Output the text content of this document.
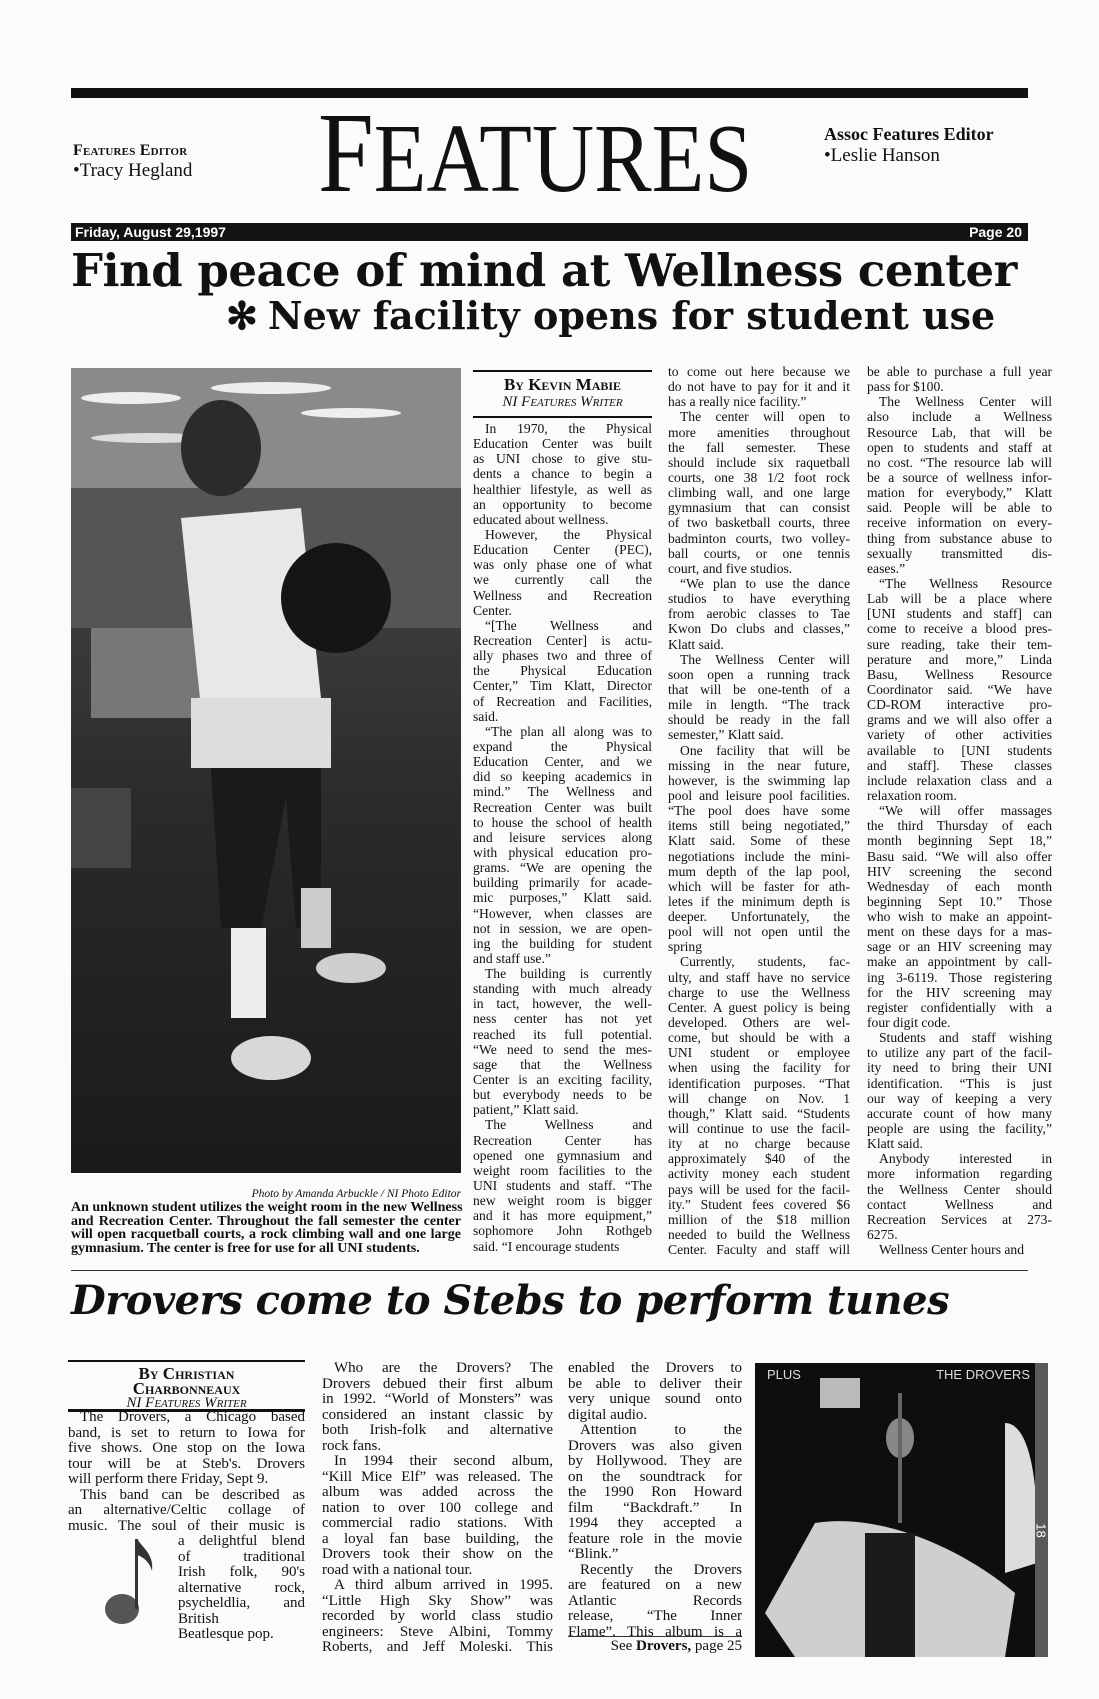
Features Editor
•Tracy Hegland FEATURES	Assoc Features Editor
•Leslie Hanson
Friday, August 29,1997	Page 20
Find peace of mind at Wellness center
✻ New facility opens for student use
Photo by Amanda Arbuckle / NI Photo Editor
An unknown student utilizes the weight room in the new Wellness
and Recreation Center. Throughout the fall semester the center
will open racquetball courts, a rock climbing wall and one large
gymnasium. The center is free for use for all UNI students.
By Kevin Mabie
NI Features Writer
In 1970, the Physical
Education Center was built
as UNI chose to give stu-
dents a chance to begin a
healthier lifestyle, as well as
an opportunity to become
educated about wellness.
However, the Physical
Education Center (PEC),
was only phase one of what
we currently call the
Wellness and Recreation
Center.
“[The Wellness and
Recreation Center] is actu-
ally phases two and three of
the Physical Education
Center,” Tim Klatt, Director
of Recreation and Facilities,
said.
“The plan all along was to
expand the Physical
Education Center, and we
did so keeping academics in
mind.” The Wellness and
Recreation Center was built
to house the school of health
and leisure services along
with physical education pro-
grams. “We are opening the
building primarily for acade-
mic purposes,” Klatt said.
“However, when classes are
not in session, we are open-
ing the building for student
and staff use.”
The building is currently
standing with much already
in tact, however, the well-
ness center has not yet
reached its full potential.
“We need to send the mes-
sage that the Wellness
Center is an exciting facility,
but everybody needs to be
patient,” Klatt said.
The Wellness and
Recreation Center has
opened one gymnasium and
weight room facilities to the
UNI students and staff. “The
new weight room is bigger
and it has more equipment,”
sophomore John Rothgeb
said. “I encourage students
to come out here because we
do not have to pay for it and it
has a really nice facility.”
The center will open to
more amenities throughout
the fall semester. These
should include six raquetball
courts, one 38 1/2 foot rock
climbing wall, and one large
gymnasium that can consist
of two basketball courts, three
badminton courts, two volley-
ball courts, or one tennis
court, and five studios.
“We plan to use the dance
studios to have everything
from aerobic classes to Tae
Kwon Do clubs and classes,”
Klatt said.
The Wellness Center will
soon open a running track
that will be one-tenth of a
mile in length. “The track
should be ready in the fall
semester,” Klatt said.
One facility that will be
missing in the near future,
however, is the swimming lap
pool and leisure pool facilities.
“The pool does have some
items still being negotiated,”
Klatt said. Some of these
negotiations include the mini-
mum depth of the lap pool,
which will be faster for ath-
letes if the minimum depth is
deeper. Unfortunately, the
pool will not open until the
spring
Currently, students, fac-
ulty, and staff have no service
charge to use the Wellness
Center. A guest policy is being
developed. Others are wel-
come, but should be with a
UNI student or employee
when using the facility for
identification purposes. “That
will change on Nov. 1
though,” Klatt said. “Students
will continue to use the facil-
ity at no charge because
approximately $40 of the
activity money each student
pays will be used for the facil-
ity.” Student fees covered $6
million of the $18 million
needed to build the Wellness
Center. Faculty and staff will
be able to purchase a full year
pass for $100.
The Wellness Center will
also include a Wellness
Resource Lab, that will be
open to students and staff at
no cost. “The resource lab will
be a source of wellness infor-
mation for everybody,” Klatt
said. People will be able to
receive information on every-
thing from substance abuse to
sexually transmitted dis-
eases.”
“The Wellness Resource
Lab will be a place where
[UNI students and staff] can
come to receive a blood pres-
sure reading, take their tem-
perature and more,” Linda
Basu, Wellness Resource
Coordinator said. “We have
CD-ROM interactive pro-
grams and we will also offer a
variety of other activities
available to [UNI students
and staff]. These classes
include relaxation class and a
relaxation room.
“We will offer massages
the third Thursday of each
month beginning Sept 18,”
Basu said. “We will also offer
HIV screening the second
Wednesday of each month
beginning Sept 10.” Those
who wish to make an appoint-
ment on these days for a mas-
sage or an HIV screening may
make an appointment by call-
ing 3-6119. Those registering
for the HIV screening may
register confidentially with a
four digit code.
Students and staff wishing
to utilize any part of the facil-
ity need to bring their UNI
identification. “This is just
our way of keeping a very
accurate count of how many
people are using the facility,”
Klatt said.
Anybody interested in
more information regarding
the Wellness Center should
contact Wellness and
Recreation Services at 273-
6275.
Wellness Center hours and
Drovers come to Stebs to perform tunes
By Christian
Charbonneaux
NI Features Writer
The Drovers, a Chicago based
band, is set to return to Iowa for
five shows. One stop on the Iowa
tour will be at Steb's. Drovers
will perform there Friday, Sept 9.
This band can be described as
an alternative/Celtic collage of
music. The soul of their music is
a delightful blend
of traditional
Irish folk, 90's
alternative rock,
psycheldlia, and
British
Beatlesque pop.
Who are the Drovers? The
Drovers debued their first album
in 1992. “World of Monsters” was
considered an instant classic by
both Irish-folk and alternative
rock fans.
In 1994 their second album,
“Kill Mice Elf” was released. The
album was added across the
nation to over 100 college and
commercial radio stations. With
a loyal fan base building, the
Drovers took their show on the
road with a national tour.
A third album arrived in 1995.
“Little High Sky Show” was
recorded by world class studio
engineers: Steve Albini, Tommy
Roberts, and Jeff Moleski. This
enabled the Drovers to
be able to deliver their
very unique sound onto
digital audio.
Attention to the
Drovers was also given
by Hollywood. They are
on the soundtrack for
the 1990 Ron Howard
film “Backdraft.” In
1994 they accepted a
feature role in the movie
“Blink.”
Recently the Drovers
are featured on a new
Atlantic Records
release, “The Inner
Flame”. This album is a
See Drovers, page 25
PLUS	THE DROVERS
18
